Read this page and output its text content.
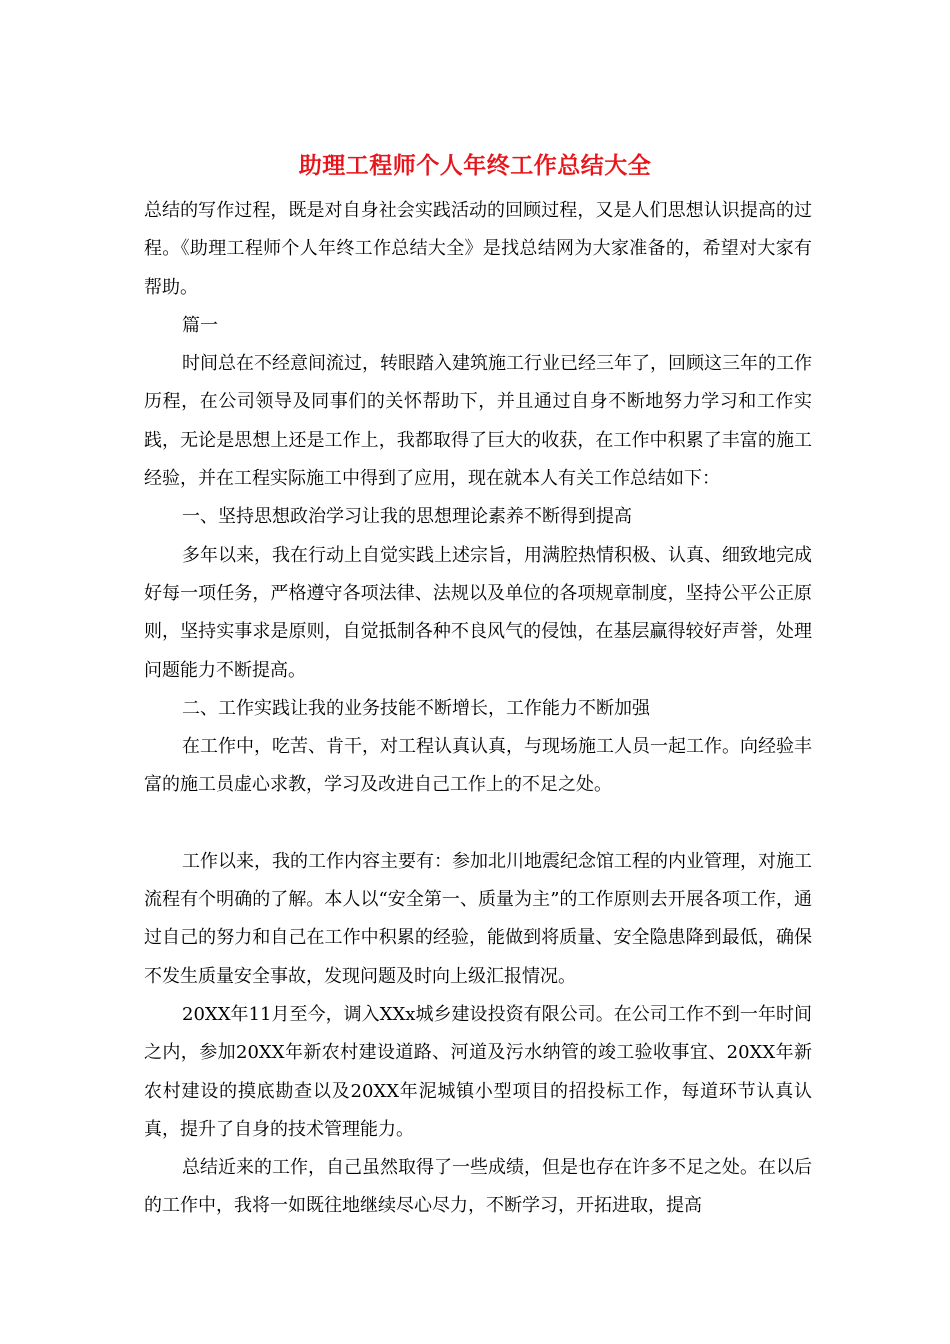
助理工程师个人年终工作总结大全

总结的写作过程，既是对自身社会实践活动的回顾过程，又是人们思想认识提高的过程。《助理工程师个人年终工作总结大全》是找总结网为大家准备的，希望对大家有帮助。

篇一

时间总在不经意间流过，转眼踏入建筑施工行业已经三年了，回顾这三年的工作历程，在公司领导及同事们的关怀帮助下，并且通过自身不断地努力学习和工作实践，无论是思想上还是工作上，我都取得了巨大的收获，在工作中积累了丰富的施工经验，并在工程实际施工中得到了应用，现在就本人有关工作总结如下：

一、坚持思想政治学习让我的思想理论素养不断得到提高

多年以来，我在行动上自觉实践上述宗旨，用满腔热情积极、认真、细致地完成好每一项任务，严格遵守各项法律、法规以及单位的各项规章制度，坚持公平公正原则，坚持实事求是原则，自觉抵制各种不良风气的侵蚀，在基层赢得较好声誉，处理问题能力不断提高。

二、工作实践让我的业务技能不断增长，工作能力不断加强

在工作中，吃苦、肯干，对工程认真认真，与现场施工人员一起工作。向经验丰富的施工员虚心求教，学习及改进自己工作上的不足之处。

工作以来，我的工作内容主要有：参加北川地震纪念馆工程的内业管理，对施工流程有个明确的了解。本人以“安全第一、质量为主”的工作原则去开展各项工作，通过自己的努力和自己在工作中积累的经验，能做到将质量、安全隐患降到最低，确保不发生质量安全事故，发现问题及时向上级汇报情况。

20XX年11月至今，调入XXx城乡建设投资有限公司。在公司工作不到一年时间之内，参加20XX年新农村建设道路、河道及污水纳管的竣工验收事宜、20XX年新农村建设的摸底勘查以及20XX年泥城镇小型项目的招投标工作，每道环节认真认真，提升了自身的技术管理能力。

总结近来的工作，自己虽然取得了一些成绩，但是也存在许多不足之处。在以后的工作中，我将一如既往地继续尽心尽力，不断学习，开拓进取，提高
